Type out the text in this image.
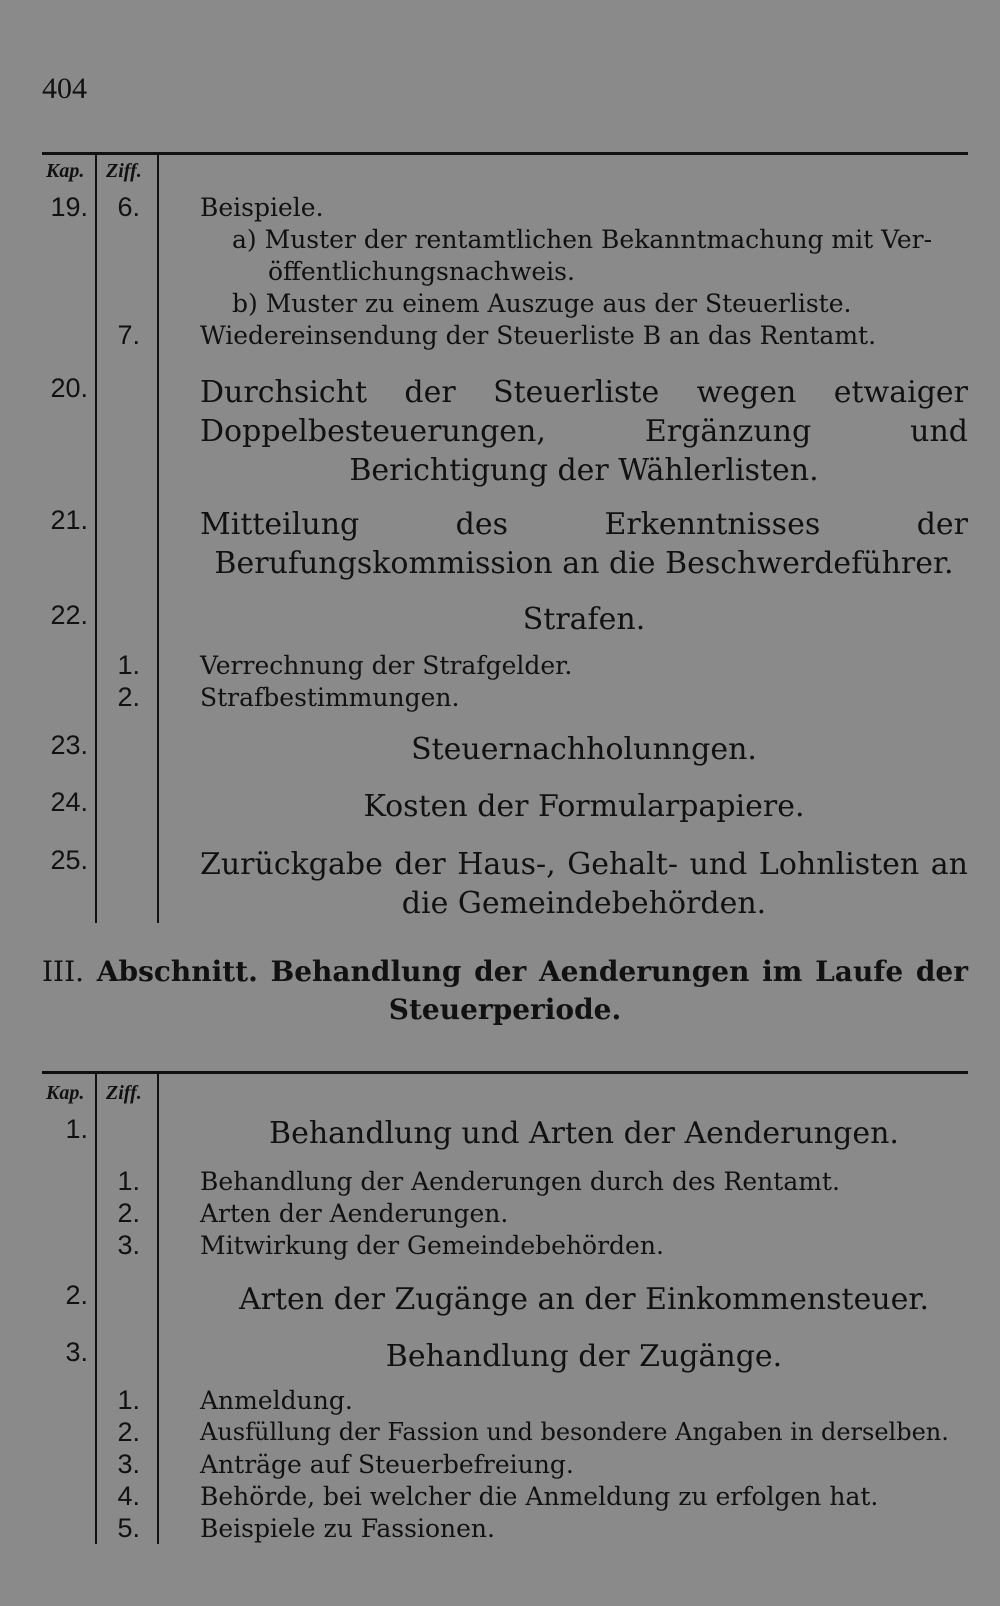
404
Kap. Ziff.
19.	6. Beispiele.
a) Muster der rentamtlichen Bekanntmachung mit Ver-
öffentlichungsnachweis.
b) Muster zu einem Auszuge aus der Steuerliste.
7. Wiedereinsendung der Steuerliste B an das Rentamt.
20.	Durchsicht der Steuerliste wegen etwaiger Doppelbesteuerungen, Ergänzung und Berichtigung der Wählerlisten.
21.	Mitteilung des Erkenntnisses der Berufungskommission an die Beschwerdeführer.
22.	Strafen.
1. Verrechnung der Strafgelder.
2. Strafbestimmungen.
23.	Steuernachholunngen.
24.	Kosten der Formularpapiere.
25.	Zurückgabe der Haus-, Gehalt- und Lohnlisten an die Gemeindebehörden.
III. Abschnitt. Behandlung der Aenderungen im Laufe der
Steuerperiode.
Kap. Ziff.
1.	Behandlung und Arten der Aenderungen.
1. Behandlung der Aenderungen durch des Rentamt.
2. Arten der Aenderungen.
3. Mitwirkung der Gemeindebehörden.
2.	Arten der Zugänge an der Einkommensteuer.
3.	Behandlung der Zugänge.
1. Anmeldung.
2.	Ausfüllung der Fassion und besondere Angaben in derselben.
3. Anträge auf Steuerbefreiung.
4. Behörde, bei welcher die Anmeldung zu erfolgen hat.
5. Beispiele zu Fassionen.
